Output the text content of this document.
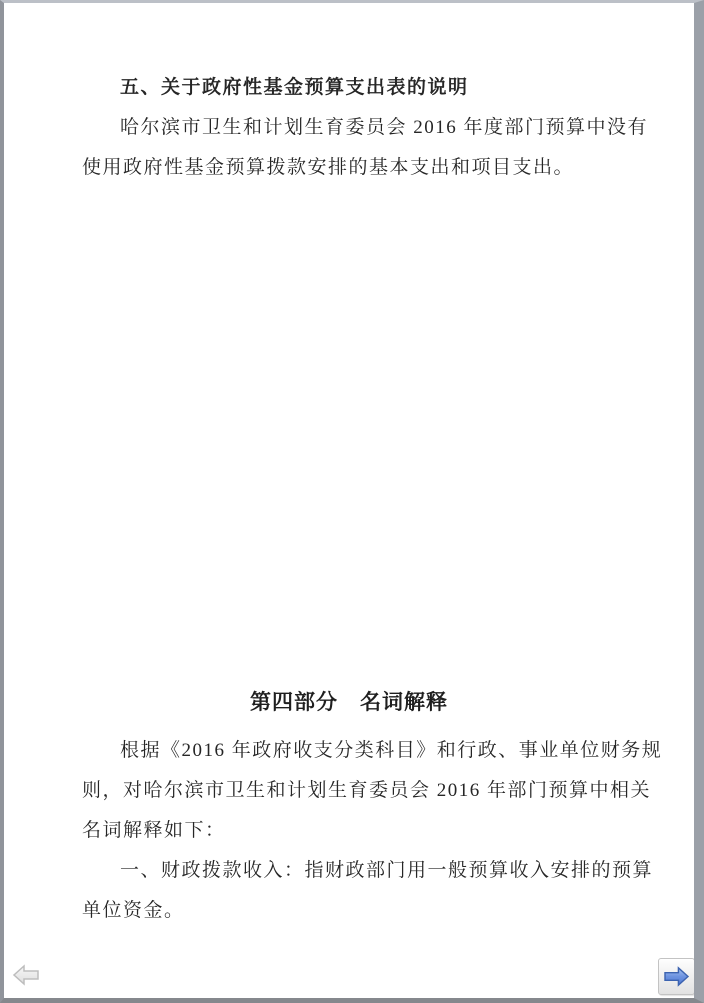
五、关于政府性基金预算支出表的说明
哈尔滨市卫生和计划生育委员会 2016 年度部门预算中没有
使用政府性基金预算拨款安排的基本支出和项目支出。
第四部分　名词解释
根据《2016 年政府收支分类科目》和行政、事业单位财务规
则，对哈尔滨市卫生和计划生育委员会 2016 年部门预算中相关
名词解释如下：
一、财政拨款收入：指财政部门用一般预算收入安排的预算
单位资金。
